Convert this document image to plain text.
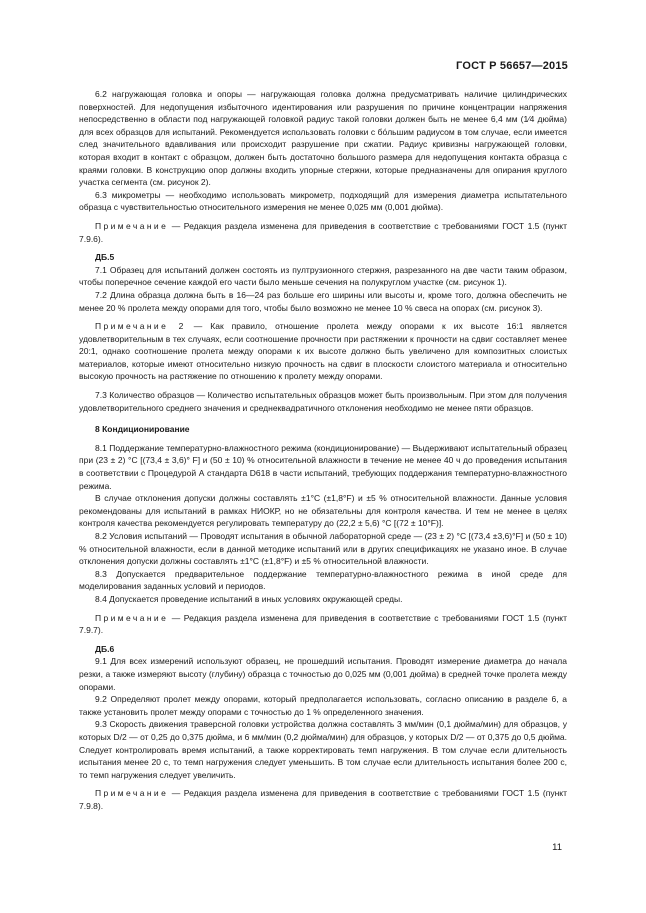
ГОСТ Р 56657—2015

6.2 нагружающая головка и опоры — нагружающая головка должна предусматривать наличие цилиндрических поверхностей. Для недопущения избыточного идентирования или разрушения по причине концентрации напряжения непосредственно в области под нагружающей головкой радиус такой головки должен быть не менее 6,4 мм (1⁄4 дюйма) для всех образцов для испытаний. Рекомендуется использовать головки с бо́льшим радиусом в том случае, если имеется след значительного вдавливания или происходит разрушение при сжатии. Радиус кривизны нагружающей головки, которая входит в контакт с образцом, должен быть достаточно большого размера для недопущения контакта образца с краями головки. В конструкцию опор должны входить упорные стержни, которые предназначены для опирания круглого участка сегмента (см. рисунок 2).

6.3 микрометры — необходимо использовать микрометр, подходящий для измерения диаметра испытательного образца с чувствительностью относительного измерения не менее 0,025 мм (0,001 дюйма).

Примечание — Редакция раздела изменена для приведения в соответствие с требованиями ГОСТ 1.5 (пункт 7.9.6).

ДБ.5

7.1 Образец для испытаний должен состоять из пултрузионного стержня, разрезанного на две части таким образом, чтобы поперечное сечение каждой его части было меньше сечения на полукруглом участке (см. рисунок 1).

7.2 Длина образца должна быть в 16—24 раз больше его ширины или высоты и, кроме того, должна обеспечить не менее 20 % пролета между опорами для того, чтобы было возможно не менее 10 % свеса на опорах (см. рисунок 3).

Примечание 2 — Как правило, отношение пролета между опорами к их высоте 16:1 является удовлетворительным в тех случаях, если соотношение прочности при растяжении к прочности на сдвиг составляет менее 20:1, однако соотношение пролета между опорами к их высоте должно быть увеличено для композитных слоистых материалов, которые имеют относительно низкую прочность на сдвиг в плоскости слоистого материала и относительно высокую прочность на растяжение по отношению к пролету между опорами.

7.3 Количество образцов — Количество испытательных образцов может быть произвольным. При этом для получения удовлетворительного среднего значения и среднеквадратичного отклонения необходимо не менее пяти образцов.

8 Кондиционирование

8.1 Поддержание температурно-влажностного режима (кондиционирование) — Выдерживают испытательный образец при (23 ± 2) °C [(73,4 ± 3,6)° F] и (50 ± 10) % относительной влажности в течение не менее 40 ч до проведения испытания в соответствии с Процедурой А стандарта D618 в части испытаний, требующих поддержания температурно-влажностного режима.

В случае отклонения допуски должны составлять ±1°C (±1,8°F) и ±5 % относительной влажности. Данные условия рекомендованы для испытаний в рамках НИОКР, но не обязательны для контроля качества. И тем не менее в целях контроля качества рекомендуется регулировать температуру до (22,2 ± 5,6) °C [(72 ± 10°F)].

8.2 Условия испытаний — Проводят испытания в обычной лабораторной среде — (23 ± 2) °C [(73,4 ±3,6)°F] и (50 ± 10) % относительной влажности, если в данной методике испытаний или в других спецификациях не указано иное. В случае отклонения допуски должны составлять ±1°C (±1,8°F) и ±5 % относительной влажности.

8.3 Допускается предварительное поддержание температурно-влажностного режима в иной среде для моделирования заданных условий и периодов.

8.4 Допускается проведение испытаний в иных условиях окружающей среды.

Примечание — Редакция раздела изменена для приведения в соответствие с требованиями ГОСТ 1.5 (пункт 7.9.7).

ДБ.6

9.1 Для всех измерений используют образец, не прошедший испытания. Проводят измерение диаметра до начала резки, а также измеряют высоту (глубину) образца с точностью до 0,025 мм (0,001 дюйма) в средней точке пролета между опорами.

9.2 Определяют пролет между опорами, который предполагается использовать, согласно описанию в разделе 6, а также установить пролет между опорами с точностью до 1 % определенного значения.

9.3 Скорость движения траверсной головки устройства должна составлять 3 мм/мин (0,1 дюйма/мин) для образцов, у которых D/2 — от 0,25 до 0,375 дюйма, и 6 мм/мин (0,2 дюйма/мин) для образцов, у которых D/2 — от 0,375 до 0,5 дюйма. Следует контролировать время испытаний, а также корректировать темп нагружения. В том случае если длительность испытания менее 20 с, то темп нагружения следует уменьшить. В том случае если длительность испытания более 200 с, то темп нагружения следует увеличить.

Примечание — Редакция раздела изменена для приведения в соответствие с требованиями ГОСТ 1.5 (пункт 7.9.8).

11
